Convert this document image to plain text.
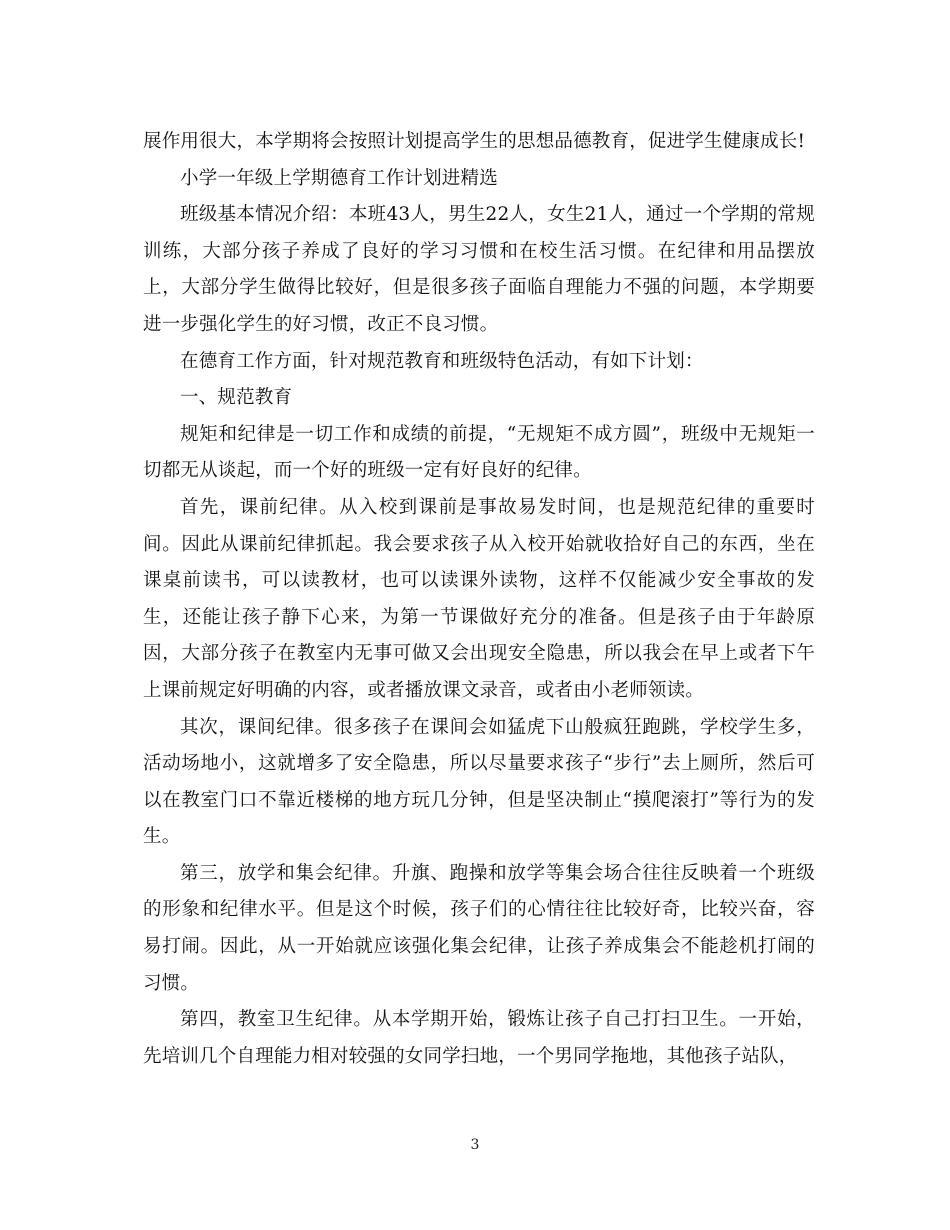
展作用很大，本学期将会按照计划提高学生的思想品德教育，促进学生健康成长!

小学一年级上学期德育工作计划进精选

班级基本情况介绍：本班43人，男生22人，女生21人，通过一个学期的常规训练，大部分孩子养成了良好的学习习惯和在校生活习惯。在纪律和用品摆放上，大部分学生做得比较好，但是很多孩子面临自理能力不强的问题，本学期要进一步强化学生的好习惯，改正不良习惯。

在德育工作方面，针对规范教育和班级特色活动，有如下计划：

一、规范教育

规矩和纪律是一切工作和成绩的前提，“无规矩不成方圆”，班级中无规矩一切都无从谈起，而一个好的班级一定有好良好的纪律。

首先，课前纪律。从入校到课前是事故易发时间，也是规范纪律的重要时间。因此从课前纪律抓起。我会要求孩子从入校开始就收拾好自己的东西，坐在课桌前读书，可以读教材，也可以读课外读物，这样不仅能减少安全事故的发生，还能让孩子静下心来，为第一节课做好充分的准备。但是孩子由于年龄原因，大部分孩子在教室内无事可做又会出现安全隐患，所以我会在早上或者下午上课前规定好明确的内容，或者播放课文录音，或者由小老师领读。

其次，课间纪律。很多孩子在课间会如猛虎下山般疯狂跑跳，学校学生多，活动场地小，这就增多了安全隐患，所以尽量要求孩子“步行”去上厕所，然后可以在教室门口不靠近楼梯的地方玩几分钟，但是坚决制止“摸爬滚打”等行为的发生。

第三，放学和集会纪律。升旗、跑操和放学等集会场合往往反映着一个班级的形象和纪律水平。但是这个时候，孩子们的心情往往比较好奇，比较兴奋，容易打闹。因此，从一开始就应该强化集会纪律，让孩子养成集会不能趁机打闹的习惯。

第四，教室卫生纪律。从本学期开始，锻炼让孩子自己打扫卫生。一开始，先培训几个自理能力相对较强的女同学扫地，一个男同学拖地，其他孩子站队，

3
